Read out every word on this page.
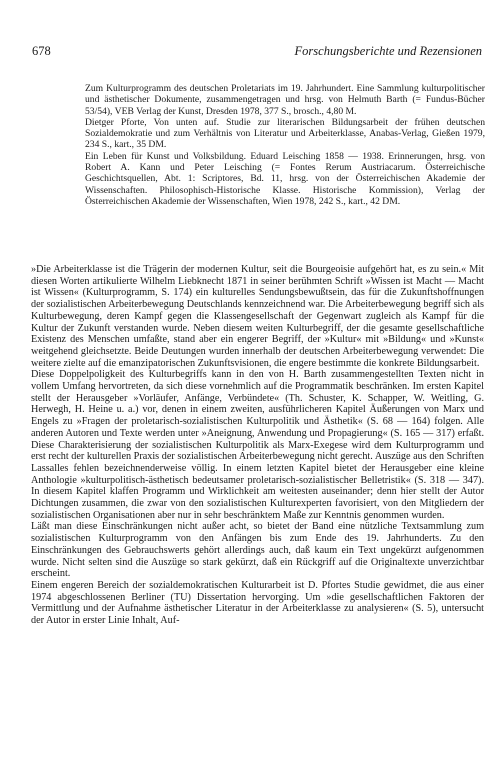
678	Forschungsberichte und Rezensionen

Zum Kulturprogramm des deutschen Proletariats im 19. Jahrhundert. Eine Sammlung kulturpolitischer und ästhetischer Dokumente, zusammengetragen und hrsg. von Helmuth Barth (= Fundus-Bücher 53/54), VEB Verlag der Kunst, Dresden 1978, 377 S., brosch., 4,80 M.

Dietger Pforte, Von unten auf. Studie zur literarischen Bildungsarbeit der frühen deutschen Sozialdemokratie und zum Verhältnis von Literatur und Arbeiterklasse, Anabas-Verlag, Gießen 1979, 234 S., kart., 35 DM.

Ein Leben für Kunst und Volksbildung. Eduard Leisching 1858 — 1938. Erinnerungen, hrsg. von Robert A. Kann und Peter Leisching (= Fontes Rerum Austriacarum. Österreichische Geschichtsquellen, Abt. 1: Scriptores, Bd. 11, hrsg. von der Österreichischen Akademie der Wissenschaften. Philosophisch-Historische Klasse. Historische Kommission), Verlag der Österreichischen Akademie der Wissenschaften, Wien 1978, 242 S., kart., 42 DM.

»Die Arbeiterklasse ist die Trägerin der modernen Kultur, seit die Bourgeoisie aufgehört hat, es zu sein.« Mit diesen Worten artikulierte Wilhelm Liebknecht 1871 in seiner berühmten Schrift »Wissen ist Macht — Macht ist Wissen« (Kulturprogramm, S. 174) ein kulturelles Sendungsbewußtsein, das für die Zukunftshoffnungen der sozialistischen Arbeiterbewegung Deutschlands kennzeichnend war. Die Arbeiterbewegung begriff sich als Kulturbewegung, deren Kampf gegen die Klassengesellschaft der Gegenwart zugleich als Kampf für die Kultur der Zukunft verstanden wurde. Neben diesem weiten Kulturbegriff, der die gesamte gesellschaftliche Existenz des Menschen umfaßte, stand aber ein engerer Begriff, der »Kultur« mit »Bildung« und »Kunst« weitgehend gleichsetzte. Beide Deutungen wurden innerhalb der deutschen Arbeiterbewegung verwendet: Die weitere zielte auf die emanzipatorischen Zukunftsvisionen, die engere bestimmte die konkrete Bildungsarbeit.

Diese Doppelpoligkeit des Kulturbegriffs kann in den von H. Barth zusammengestellten Texten nicht in vollem Umfang hervortreten, da sich diese vornehmlich auf die Programmatik beschränken. Im ersten Kapitel stellt der Herausgeber »Vorläufer, Anfänge, Verbündete« (Th. Schuster, K. Schapper, W. Weitling, G. Herwegh, H. Heine u. a.) vor, denen in einem zweiten, ausführlicheren Kapitel Äußerungen von Marx und Engels zu »Fragen der proletarisch-sozialistischen Kulturpolitik und Ästhetik« (S. 68 — 164) folgen. Alle anderen Autoren und Texte werden unter »Aneignung, Anwendung und Propagierung« (S. 165 — 317) erfaßt. Diese Charakterisierung der sozialistischen Kulturpolitik als Marx-Exegese wird dem Kulturprogramm und erst recht der kulturellen Praxis der sozialistischen Arbeiterbewegung nicht gerecht. Auszüge aus den Schriften Lassalles fehlen bezeichnenderweise völlig. In einem letzten Kapitel bietet der Herausgeber eine kleine Anthologie »kulturpolitisch-ästhetisch bedeutsamer proletarisch-sozialistischer Belletristik« (S. 318 — 347). In diesem Kapitel klaffen Programm und Wirklichkeit am weitesten auseinander; denn hier stellt der Autor Dichtungen zusammen, die zwar von den sozialistischen Kulturexperten favorisiert, von den Mitgliedern der sozialistischen Organisationen aber nur in sehr beschränktem Maße zur Kenntnis genommen wurden.

Läßt man diese Einschränkungen nicht außer acht, so bietet der Band eine nützliche Textsammlung zum sozialistischen Kulturprogramm von den Anfängen bis zum Ende des 19. Jahrhunderts. Zu den Einschränkungen des Gebrauchswerts gehört allerdings auch, daß kaum ein Text ungekürzt aufgenommen wurde. Nicht selten sind die Auszüge so stark gekürzt, daß ein Rückgriff auf die Originaltexte unverzichtbar erscheint.

Einem engeren Bereich der sozialdemokratischen Kulturarbeit ist D. Pfortes Studie gewidmet, die aus einer 1974 abgeschlossenen Berliner (TU) Dissertation hervorging. Um »die gesellschaftlichen Faktoren der Vermittlung und der Aufnahme ästhetischer Literatur in der Arbeiterklasse zu analysieren« (S. 5), untersucht der Autor in erster Linie Inhalt, Auf-
